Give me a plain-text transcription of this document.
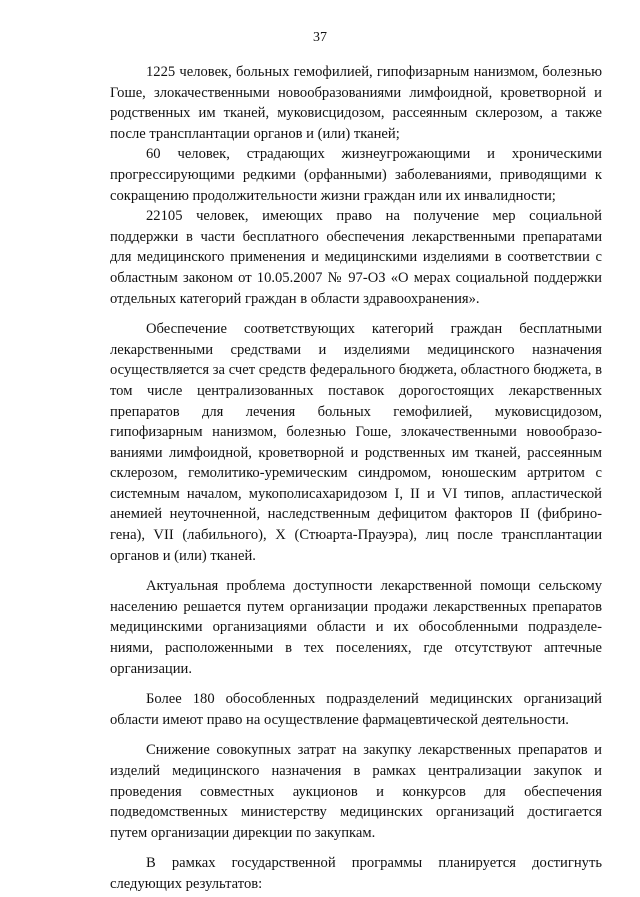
37

1225 человек, больных гемофилией, гипофизарным нанизмом, болезнью Гоше, злокачественными новообразованиями лимфоидной, кроветворной и родственных им тканей, муковисцидозом, рассеянным склерозом, а также после трансплантации органов и (или) тканей;

60 человек, страдающих жизнеугрожающими и хроническими прогрессирующими редкими (орфанными) заболеваниями, приводящими к сокращению продолжительности жизни граждан или их инвалидности;

22105 человек, имеющих право на получение мер социальной поддержки в части бесплатного обеспечения лекарственными препаратами для медицинского применения и медицинскими изделиями в соответствии с областным законом от 10.05.2007 № 97-ОЗ «О мерах социальной поддержки отдельных категорий граждан в области здравоохранения».

Обеспечение соответствующих категорий граждан бесплатными лекарственными средствами и изделиями медицинского назначения осуществляется за счет средств федерального бюджета, областного бюджета, в том числе централизованных поставок дорогостоящих лекарственных препаратов для лечения больных гемофилией, муковисцидозом, гипофизарным нанизмом, болезнью Гоше, злокачественными новообразованиями лимфоидной, кроветворной и родственных им тканей, рассеянным склерозом, гемолитико-уремическим синдромом, юношеским артритом с системным началом, мукополисахаридозом I, II и VI типов, апластической анемией неуточненной, наследственным дефицитом факторов II (фибриногена), VII (лабильного), X (Стюарта-Прауэра), лиц после трансплантации органов и (или) тканей.

Актуальная проблема доступности лекарственной помощи сельскому населению решается путем организации продажи лекарственных препаратов медицинскими организациями области и их обособленными подразделениями, расположенными в тех поселениях, где отсутствуют аптечные организации.

Более 180 обособленных подразделений медицинских организаций области имеют право на осуществление фармацевтической деятельности.

Снижение совокупных затрат на закупку лекарственных препаратов и изделий медицинского назначения в рамках централизации закупок и проведения совместных аукционов и конкурсов для обеспечения подведомственных министерству медицинских организаций достигается путем организации дирекции по закупкам.

В рамках государственной программы планируется достигнуть следующих результатов:
